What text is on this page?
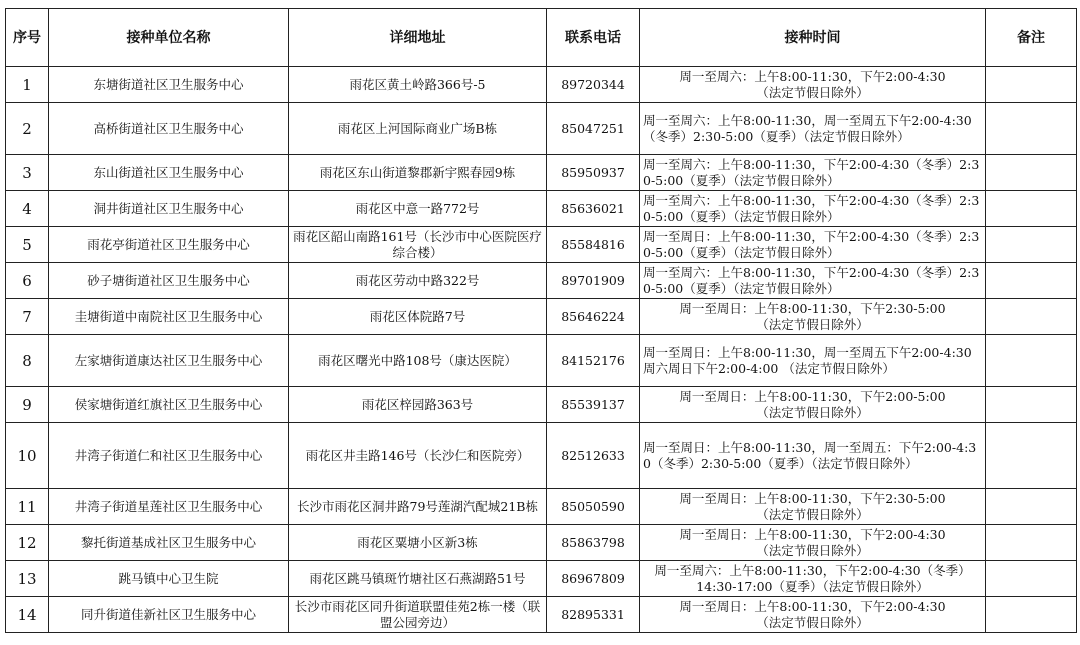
序号	接种单位名称	详细地址	联系电话	接种时间	备注
1	东塘街道社区卫生服务中心	雨花区黄土岭路366号-5	89720344	周一至周六：上午8:00-11:30，下午2:00-4:30
（法定节假日除外）	
2	高桥街道社区卫生服务中心	雨花区上河国际商业广场B栋	85047251	周一至周六：上午8:00-11:30，周一至周五下午2:00-4:30（冬季）2:30-5:00（夏季）（法定节假日除外）	
3	东山街道社区卫生服务中心	雨花区东山街道黎郡新宇熙春园9栋	85950937	周一至周六：上午8:00-11:30，下午2:00-4:30（冬季）2:30-5:00（夏季）（法定节假日除外）	
4	洞井街道社区卫生服务中心	雨花区中意一路772号	85636021	周一至周六：上午8:00-11:30，下午2:00-4:30（冬季）2:30-5:00（夏季）（法定节假日除外）	
5	雨花亭街道社区卫生服务中心	雨花区韶山南路161号（长沙市中心医院医疗综合楼）	85584816	周一至周日：上午8:00-11:30，下午2:00-4:30（冬季）2:30-5:00（夏季）（法定节假日除外）	
6	砂子塘街道社区卫生服务中心	雨花区劳动中路322号	89701909	周一至周六：上午8:00-11:30，下午2:00-4:30（冬季）2:30-5:00（夏季）（法定节假日除外）	
7	圭塘街道中南院社区卫生服务中心	雨花区体院路7号	85646224	周一至周日：上午8:00-11:30，下午2:30-5:00
（法定节假日除外）	
8	左家塘街道康达社区卫生服务中心	雨花区曙光中路108号（康达医院）	84152176	周一至周日：上午8:00-11:30，周一至周五下午2:00-4:30 周六周日下午2:00-4:00 （法定节假日除外）	
9	侯家塘街道红旗社区卫生服务中心	雨花区梓园路363号	85539137	周一至周日：上午8:00-11:30，下午2:00-5:00
（法定节假日除外）	
10	井湾子街道仁和社区卫生服务中心	雨花区井圭路146号（长沙仁和医院旁）	82512633	周一至周日：上午8:00-11:30，周一至周五：下午2:00-4:30（冬季）2:30-5:00（夏季）（法定节假日除外）	
11	井湾子街道星莲社区卫生服务中心	长沙市雨花区洞井路79号莲湖汽配城21B栋	85050590	周一至周日：上午8:00-11:30，下午2:30-5:00
（法定节假日除外）	
12	黎托街道基成社区卫生服务中心	雨花区粟塘小区新3栋	85863798	周一至周日：上午8:00-11:30，下午2:00-4:30
（法定节假日除外）	
13	跳马镇中心卫生院	雨花区跳马镇斑竹塘社区石燕湖路51号	86967809	周一至周六：上午8:00-11:30，下午2:00-4:30（冬季）
14:30-17:00（夏季）（法定节假日除外）	
14	同升街道佳新社区卫生服务中心	长沙市雨花区同升街道联盟佳苑2栋一楼（联盟公园旁边）	82895331	周一至周日：上午8:00-11:30，下午2:00-4:30
（法定节假日除外）	
